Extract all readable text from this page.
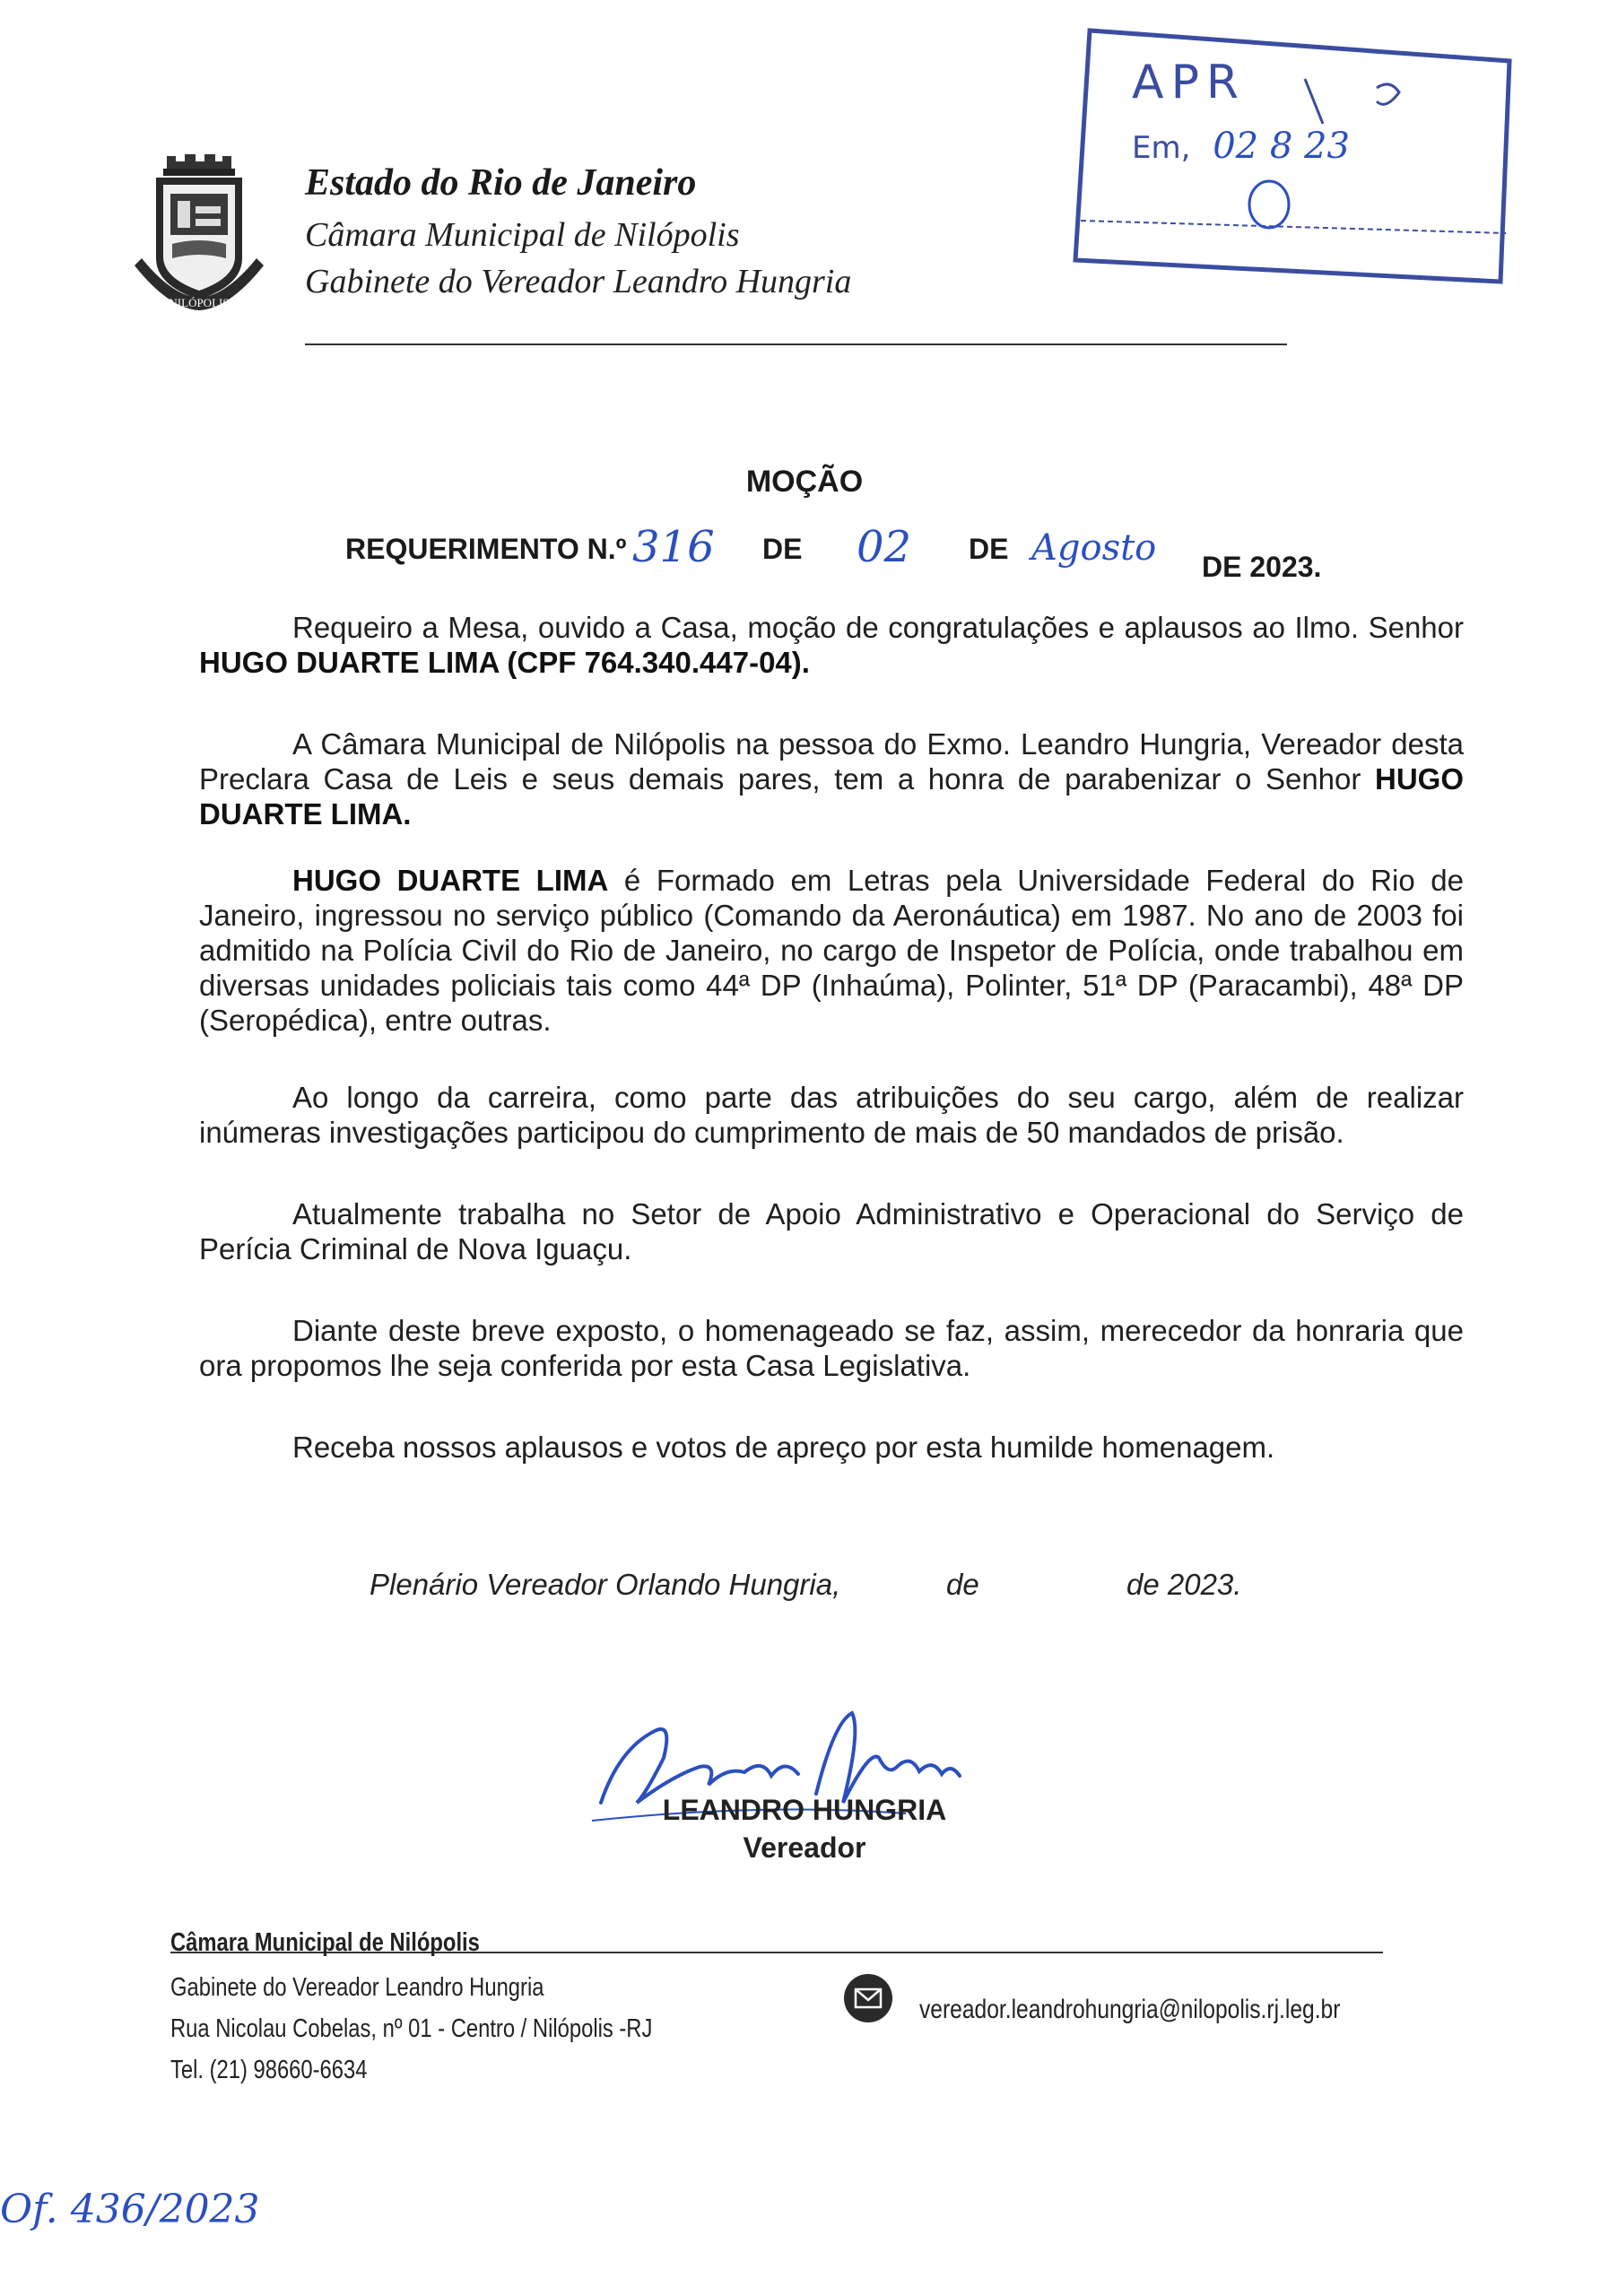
NILÓPOLIS
Estado do Rio de Janeiro
Câmara Municipal de Nilópolis
Gabinete do Vereador Leandro Hungria
APR
Em, 02 8 23
MOÇÃO
REQUERIMENTO N.º 316 DE 02 DE Agosto DE 2023.
Requeiro a Mesa, ouvido a Casa, moção de congratulações e aplausos ao Ilmo. Senhor HUGO DUARTE LIMA (CPF 764.340.447-04).
A Câmara Municipal de Nilópolis na pessoa do Exmo. Leandro Hungria, Vereador desta Preclara Casa de Leis e seus demais pares, tem a honra de parabenizar o Senhor HUGO DUARTE LIMA.
HUGO DUARTE LIMA é Formado em Letras pela Universidade Federal do Rio de Janeiro, ingressou no serviço público (Comando da Aeronáutica) em 1987. No ano de 2003 foi admitido na Polícia Civil do Rio de Janeiro, no cargo de Inspetor de Polícia, onde trabalhou em diversas unidades policiais tais como 44ª DP (Inhaúma), Polinter, 51ª DP (Paracambi), 48ª DP (Seropédica), entre outras.
Ao longo da carreira, como parte das atribuições do seu cargo, além de realizar inúmeras investigações participou do cumprimento de mais de 50 mandados de prisão.
Atualmente trabalha no Setor de Apoio Administrativo e Operacional do Serviço de Perícia Criminal de Nova Iguaçu.
Diante deste breve exposto, o homenageado se faz, assim, merecedor da honraria que ora propomos lhe seja conferida por esta Casa Legislativa.
Receba nossos aplausos e votos de apreço por esta humilde homenagem.
Plenário Vereador Orlando Hungria,	de	de 2023.
LEANDRO HUNGRIA
Vereador
Câmara Municipal de Nilópolis
Gabinete do Vereador Leandro Hungria
Rua Nicolau Cobelas, nº 01 - Centro / Nilópolis -RJ
Tel. (21) 98660-6634
vereador.leandrohungria@nilopolis.rj.leg.br
Of. 436/2023
